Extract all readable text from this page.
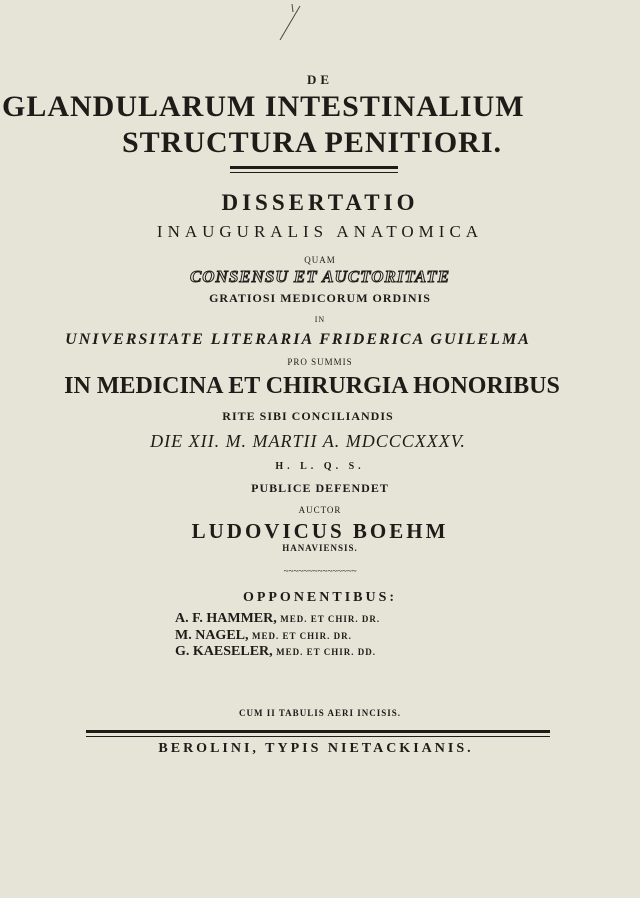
DE
GLANDULARUM INTESTINALIUM
STRUCTURA PENITIORI.
DISSERTATIO
INAUGURALIS ANATOMICA
QUAM
CONSENSU ET AUCTORITATE
GRATIOSI MEDICORUM ORDINIS
IN
UNIVERSITATE LITERARIA FRIDERICA GUILELMA
PRO SUMMIS
IN MEDICINA ET CHIRURGIA HONORIBUS
RITE SIBI CONCILIANDIS
DIE XII. M. MARTII A. MDCCCXXXV.
H. L. Q. S.
PUBLICE DEFENDET
AUCTOR
LUDOVICUS BOEHM
HANAVIENSIS.
~~~~~~~~~~~~~~~
OPPONENTIBUS:
A. F. HAMMER, MED. ET CHIR. DR.
M. NAGEL, MED. ET CHIR. DR.
G. KAESELER, MED. ET CHIR. DD.
CUM II TABULIS AERI INCISIS.
BEROLINI, TYPIS NIETACKIANIS.
